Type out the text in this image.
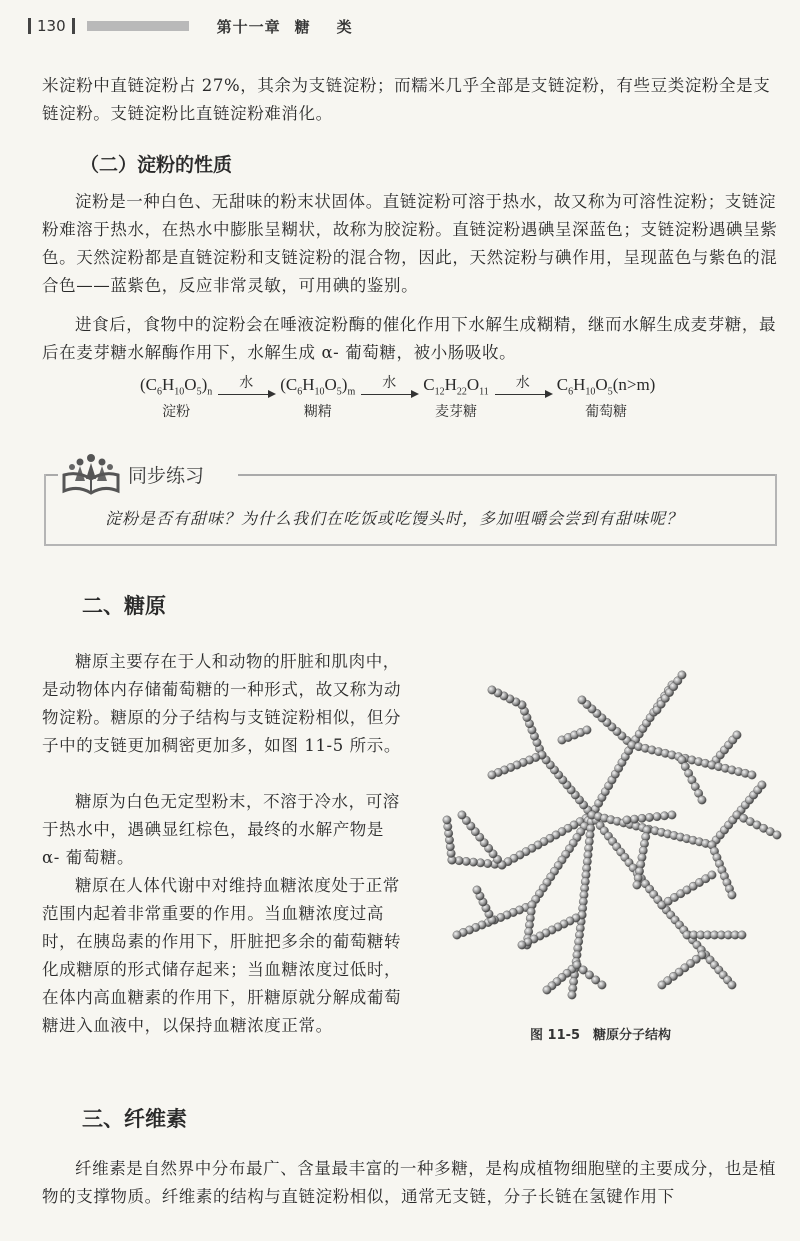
130	第十一章 糖 类
米淀粉中直链淀粉占 27%，其余为支链淀粉；而糯米几乎全部是支链淀粉，有些豆类淀粉全是支链淀粉。支链淀粉比直链淀粉难消化。
（二）淀粉的性质
淀粉是一种白色、无甜味的粉末状固体。直链淀粉可溶于热水，故又称为可溶性淀粉；支链淀粉难溶于热水，在热水中膨胀呈糊状，故称为胶淀粉。直链淀粉遇碘呈深蓝色；支链淀粉遇碘呈紫色。天然淀粉都是直链淀粉和支链淀粉的混合物，因此，天然淀粉与碘作用，呈现蓝色与紫色的混合色——蓝紫色，反应非常灵敏，可用碘的鉴别。
进食后，食物中的淀粉会在唾液淀粉酶的催化作用下水解生成糊精，继而水解生成麦芽糖，最后在麦芽糖水解酶作用下，水解生成 α- 葡萄糖，被小肠吸收。
$(C_6H_{10}O_5)_n$
淀粉
水 $(C_6H_{10}O_5)_m$
糊精
水 $C_{12}H_{22}O_{11}$
麦芽糖
水 $C_6H_{10}O_5(n>m)$
葡萄糖
同步练习
淀粉是否有甜味？为什么我们在吃饭或吃馒头时，多加咀嚼会尝到有甜味呢？
二、糖原
糖原主要存在于人和动物的肝脏和肌肉中，是动物体内存储葡萄糖的一种形式，故又称为动物淀粉。糖原的分子结构与支链淀粉相似，但分子中的支链更加稠密更加多，如图 11-5 所示。
糖原为白色无定型粉末，不溶于冷水，可溶于热水中，遇碘显红棕色，最终的水解产物是 α- 葡萄糖。
糖原在人体代谢中对维持血糖浓度处于正常范围内起着非常重要的作用。当血糖浓度过高时，在胰岛素的作用下，肝脏把多余的葡萄糖转化成糖原的形式储存起来；当血糖浓度过低时，在体内高血糖素的作用下，肝糖原就分解成葡萄糖进入血液中，以保持血糖浓度正常。
图 11-5　糖原分子结构
三、纤维素
纤维素是自然界中分布最广、含量最丰富的一种多糖，是构成植物细胞壁的主要成分，也是植物的支撑物质。纤维素的结构与直链淀粉相似，通常无支链，分子长链在氢键作用下
